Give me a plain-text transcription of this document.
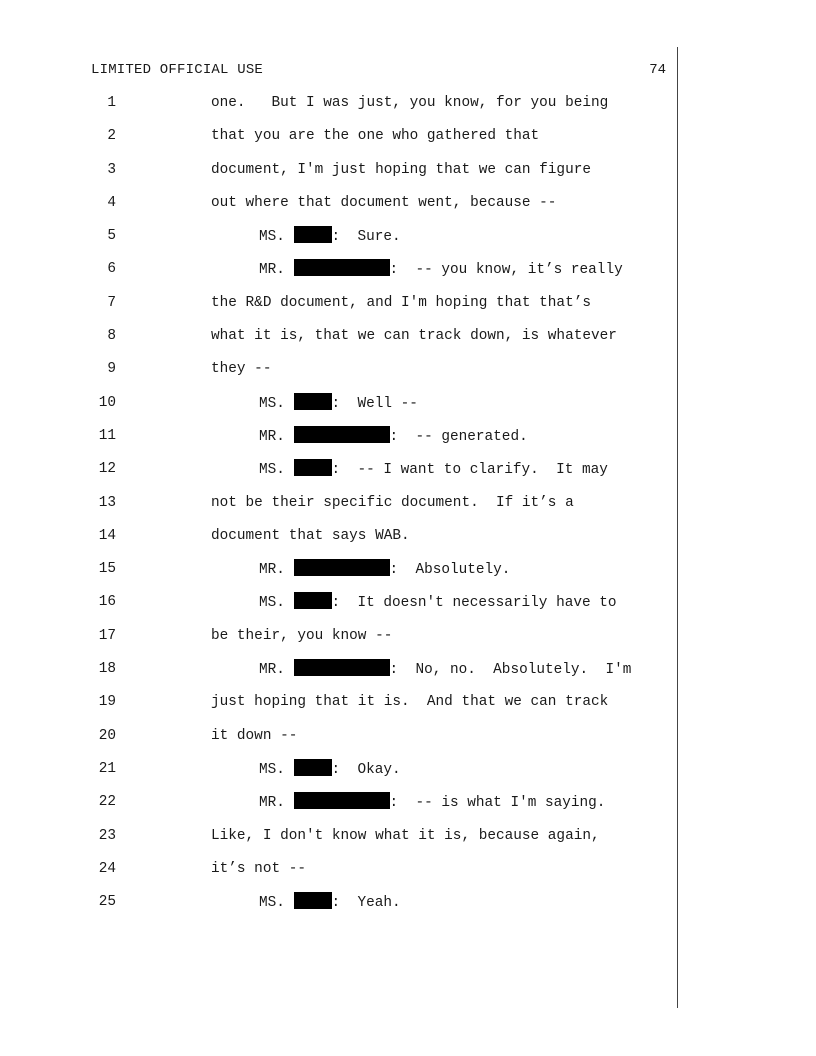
LIMITED OFFICIAL USE	74
1	one.   But I was just, you know, for you being
2	that you are the one who gathered that
3	document, I'm just hoping that we can figure
4	out where that document went, because --
5	MS.	:  Sure.
6	MR.	:  -- you know, it’s really
7	the R&D document, and I'm hoping that that’s
8	what it is, that we can track down, is whatever
9	they --
10	MS.	:  Well --
11	MR.	:  -- generated.
12	MS.	:  -- I want to clarify.  It may
13	not be their specific document.  If it’s a
14	document that says WAB.
15	MR.	:  Absolutely.
16	MS.	:  It doesn't necessarily have to
17	be their, you know --
18	MR.	:  No, no.  Absolutely.  I'm
19	just hoping that it is.  And that we can track
20	it down --
21	MS.	:  Okay.
22	MR.	:  -- is what I'm saying.
23	Like, I don't know what it is, because again,
24	it’s not --
25	MS.	:  Yeah.
